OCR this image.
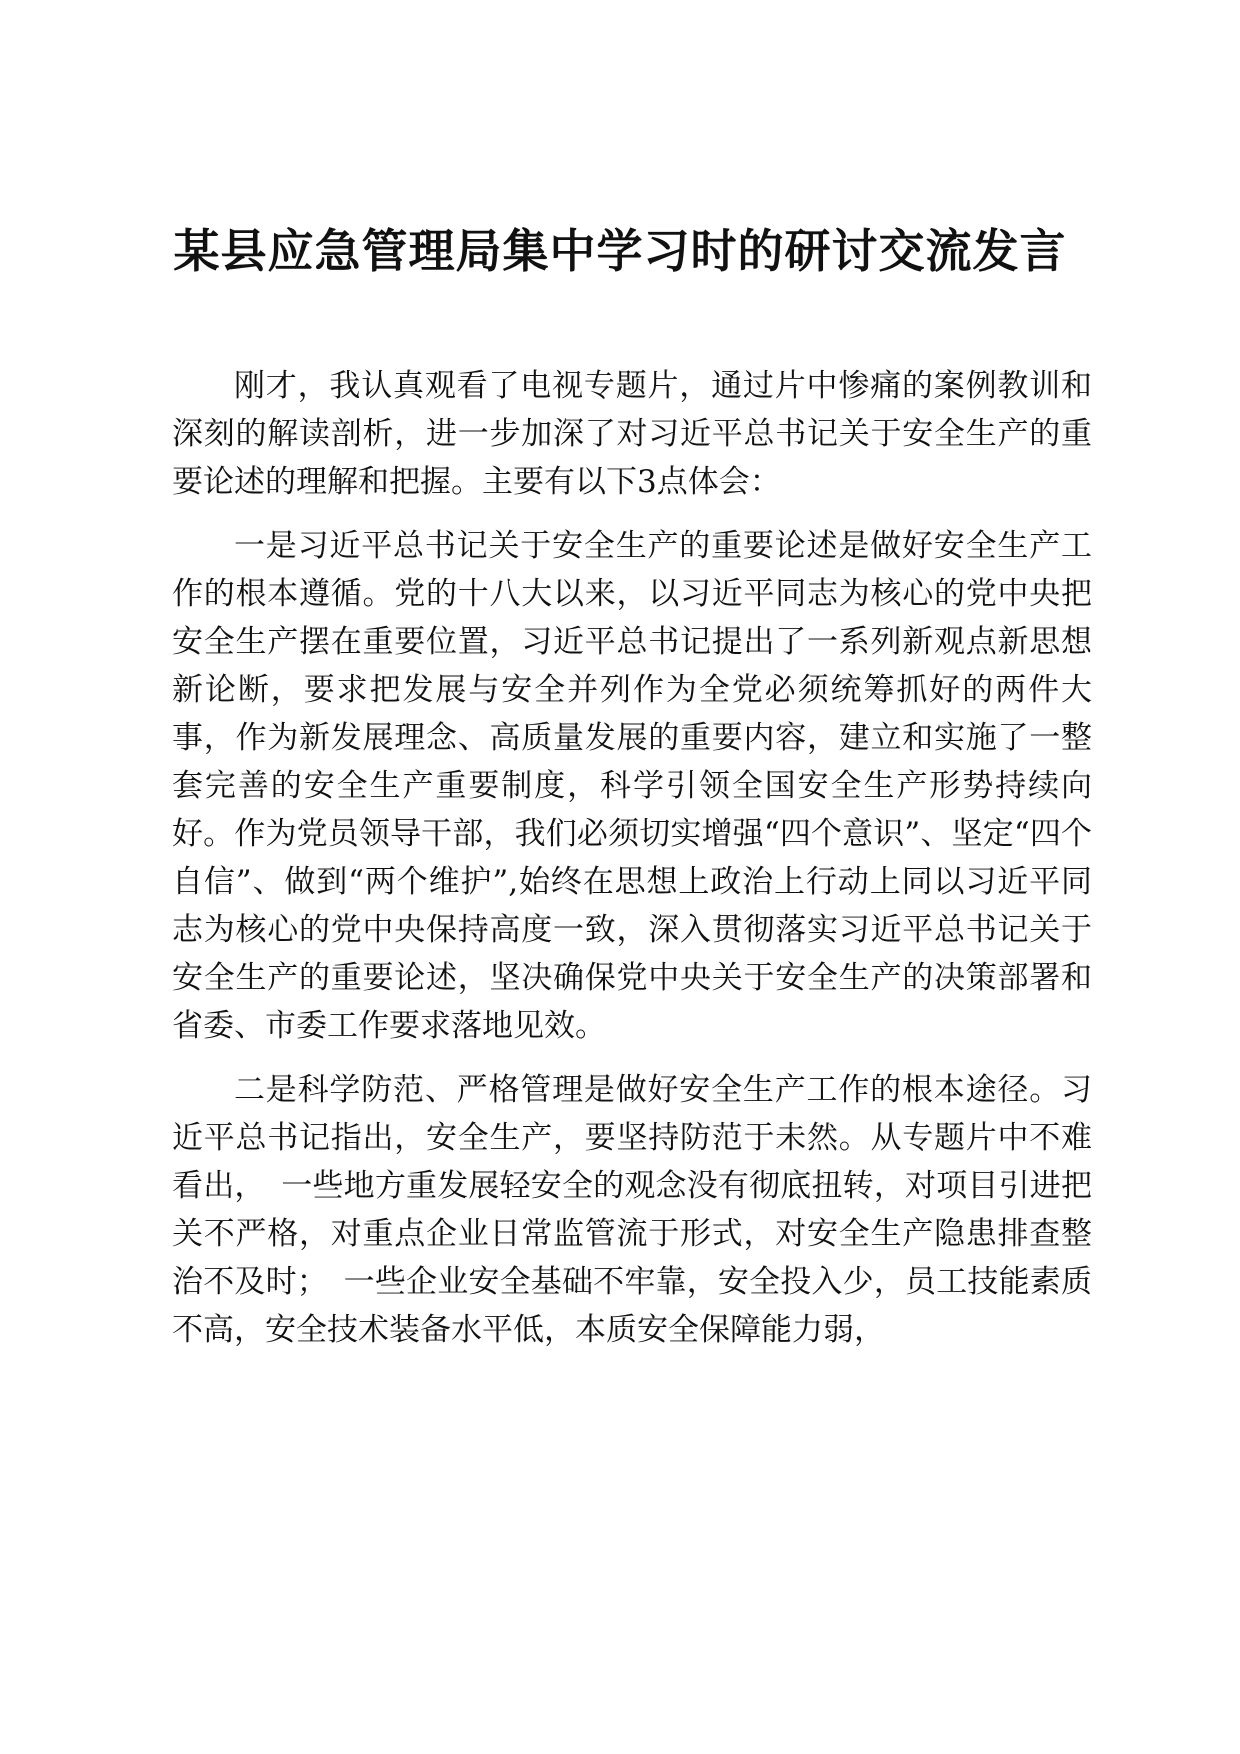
某县应急管理局集中学习时的研讨交流发言

刚才，我认真观看了电视专题片，通过片中惨痛的案例教训和深刻的解读剖析，进一步加深了对习近平总书记关于安全生产的重要论述的理解和把握。主要有以下3点体会：

一是习近平总书记关于安全生产的重要论述是做好安全生产工作的根本遵循。党的十八大以来，以习近平同志为核心的党中央把安全生产摆在重要位置，习近平总书记提出了一系列新观点新思想新论断，要求把发展与安全并列作为全党必须统筹抓好的两件大事，作为新发展理念、高质量发展的重要内容，建立和实施了一整套完善的安全生产重要制度，科学引领全国安全生产形势持续向好。作为党员领导干部，我们必须切实增强“四个意识”、坚定“四个自信”、做到“两个维护”,始终在思想上政治上行动上同以习近平同志为核心的党中央保持高度一致，深入贯彻落实习近平总书记关于安全生产的重要论述，坚决确保党中央关于安全生产的决策部署和省委、市委工作要求落地见效。

二是科学防范、严格管理是做好安全生产工作的根本途径。习近平总书记指出，安全生产，要坚持防范于未然。从专题片中不难看出，　一些地方重发展轻安全的观念没有彻底扭转，对项目引进把关不严格，对重点企业日常监管流于形式，对安全生产隐患排查整治不及时；　一些企业安全基础不牢靠，安全投入少，员工技能素质不高，安全技术装备水平低，本质安全保障能力弱，
